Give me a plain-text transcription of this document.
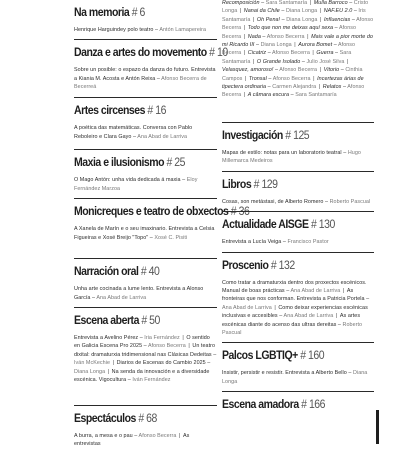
Na memoria # 6
Henrique Harguindey polo teatro – Antón Lamapereira
Danza e artes do movemento # 10
Sobre un posible: o espazo da danza do futuro. Entrevista a Kiania M. Acosta e Antón Reixa – Afonso Becerra de Becerreá
Artes circenses # 16
A poética das matemáticas. Conversa con Pablo Reboleiro e Clara Gayo – Ana Abad de Larriva
Maxia e ilusionismo # 25
O Mago Antón: unha vida dedicada á maxia – Eloy Fernández Marzoa
Monicreques e teatro de obxectos # 36
A Xanela de Marín e o seu imaxinario. Entrevista a Celsia Figueiras e Xosé Breijo "Topo" – Xosé C. Pisiti
Narración oral # 40
Unha arte cocinada a lume lento. Entrevista a Alonso García – Ana Abad de Larriva
Escena aberta # 50
Entrevista a Avelino Pérez – Iria Fernández | O sentido en Galicia Escena Pro 2025 – Afonso Becerra | Un teatro dixital: dramaturxia tridimensional nas Clásicas Dedeitas – Iván McKechie | Diarios de Escenas do Cambio 2025 – Diana Longa | Na senda da innovación e a diversidade escénica. Vigocultura – Iván Fernández
Espectáculos # 68
A burra, a mesa e o pau – Afonso Becerra | As entrevistas
Recomposición – Sara Santamaría | Mulla Barroco – Cristo Longa | Nanai da Chile – Diana Longa | NAF.EU 2.0 – Iris Santamaría | Oh Pena! – Diana Longa | Influencias – Afonso Becerra | Todo que non me deixas aquí sexa – Afonso Becerra | Nada – Afonso Becerra | Mais vale a pior morte do mi Ricardo III – Diana Longa | Aurora Bomet – Afonso Becerra | Cicatriz – Afonso Becerra | Guerra – Sara Santamaría | O Grande Isolado – Julio José Silva | Velasquez, amoroso! – Afonso Becerra | Vitorio – Cinthia Campos | Tronsal – Afonso Becerra | Incertezas árias de tipectera ordinaria – Carmen Alejandra | Relatos – Afonso Becerra | A câmara escura – Sara Santamaría
Investigación # 125
Mapas de estilo: notas para un laboratorio teatral – Hugo Millemarca Medeiros
Libros # 129
Cosas, son metástasi, de Alberto Romero – Roberto Pascual
Actualidade AISGE # 130
Entrevista a Lucía Veiga – Francisco Pastor
Proscenio # 132
Como tratar a dramaturxia dentro dos proxectos escénicos. Manual de boas prácticas – Ana Abad de Larriva | As fronteiras que nos conforman. Entrevista a Patricia Portela – Ana Abad de Larriva | Como deixar experiencias escénicas inclusivas e accesibles – Ana Abad de Larriva | As artes escénicas diante do acenso das ultras dereitas – Roberto Pascual
Palcos LGBTIQ+ # 160
Insistir, persistir e resistir. Entrevista a Alberto Bello – Diana Longa
Escena amadora # 166
